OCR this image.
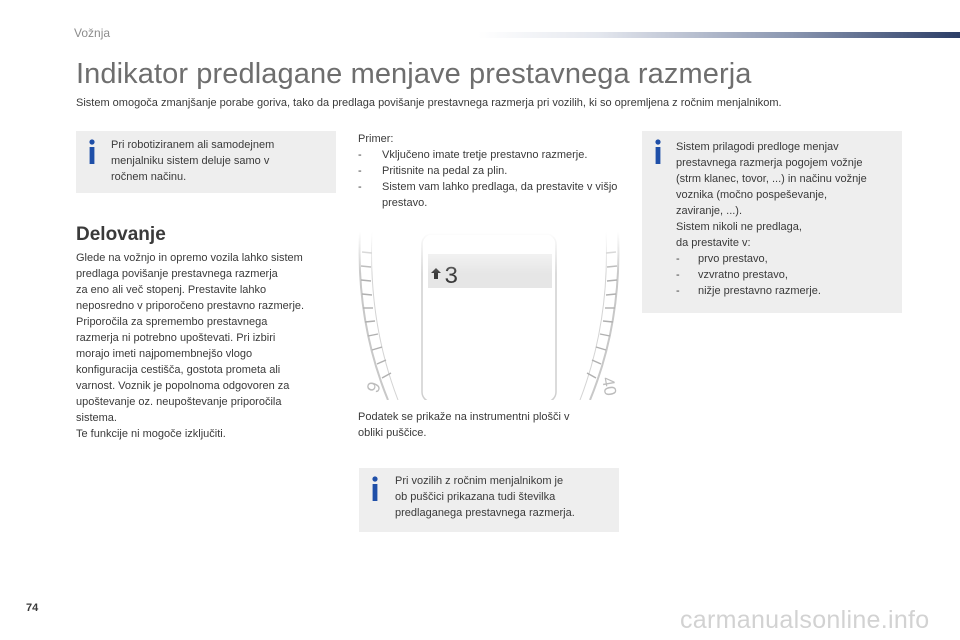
Vožnja
Indikator predlagane menjave prestavnega razmerja
Sistem omogoča zmanjšanje porabe goriva, tako da predlaga povišanje prestavnega razmerja pri vozilih, ki so opremljena z ročnim menjalnikom.
Pri robotiziranem ali samodejnem
menjalniku sistem deluje samo v
ročnem načinu.
Delovanje
Glede na vožnjo in opremo vozila lahko sistem
predlaga povišanje prestavnega razmerja
za eno ali več stopenj. Prestavite lahko
neposredno v priporočeno prestavno razmerje.
Priporočila za spremembo prestavnega
razmerja ni potrebno upoštevati. Pri izbiri
morajo imeti najpomembnejšo vlogo
konfiguracija cestišča, gostota prometa ali
varnost. Voznik je popolnoma odgovoren za
upoštevanje oz. neupoštevanje priporočila
sistema.
Te funkcije ni mogoče izklјučiti.
Primer:
- Vključeno imate tretje prestavno razmerje.
- Pritisnite na pedal za plin.
- Sistem vam lahko predlaga, da prestavite v višjo prestavo.
Podatek se prikaže na instrumentni plošči v
obliki puščice.
Sistem prilagodi predloge menjav
prestavnega razmerja pogojem vožnje
(strm klanec, tovor, ...) in načinu vožnje
voznika (močno pospeševanje,
zaviranje, ...).
Sistem nikoli ne predlaga,
da prestavite v:
- prvo prestavo,
- vzvratno prestavo,
- nižje prestavno razmerje.
Pri vozilih z ročnim menjalnikom je
ob puščici prikazana tudi številka
predlaganega prestavnega razmerja.
74	carmanualsonline.info
